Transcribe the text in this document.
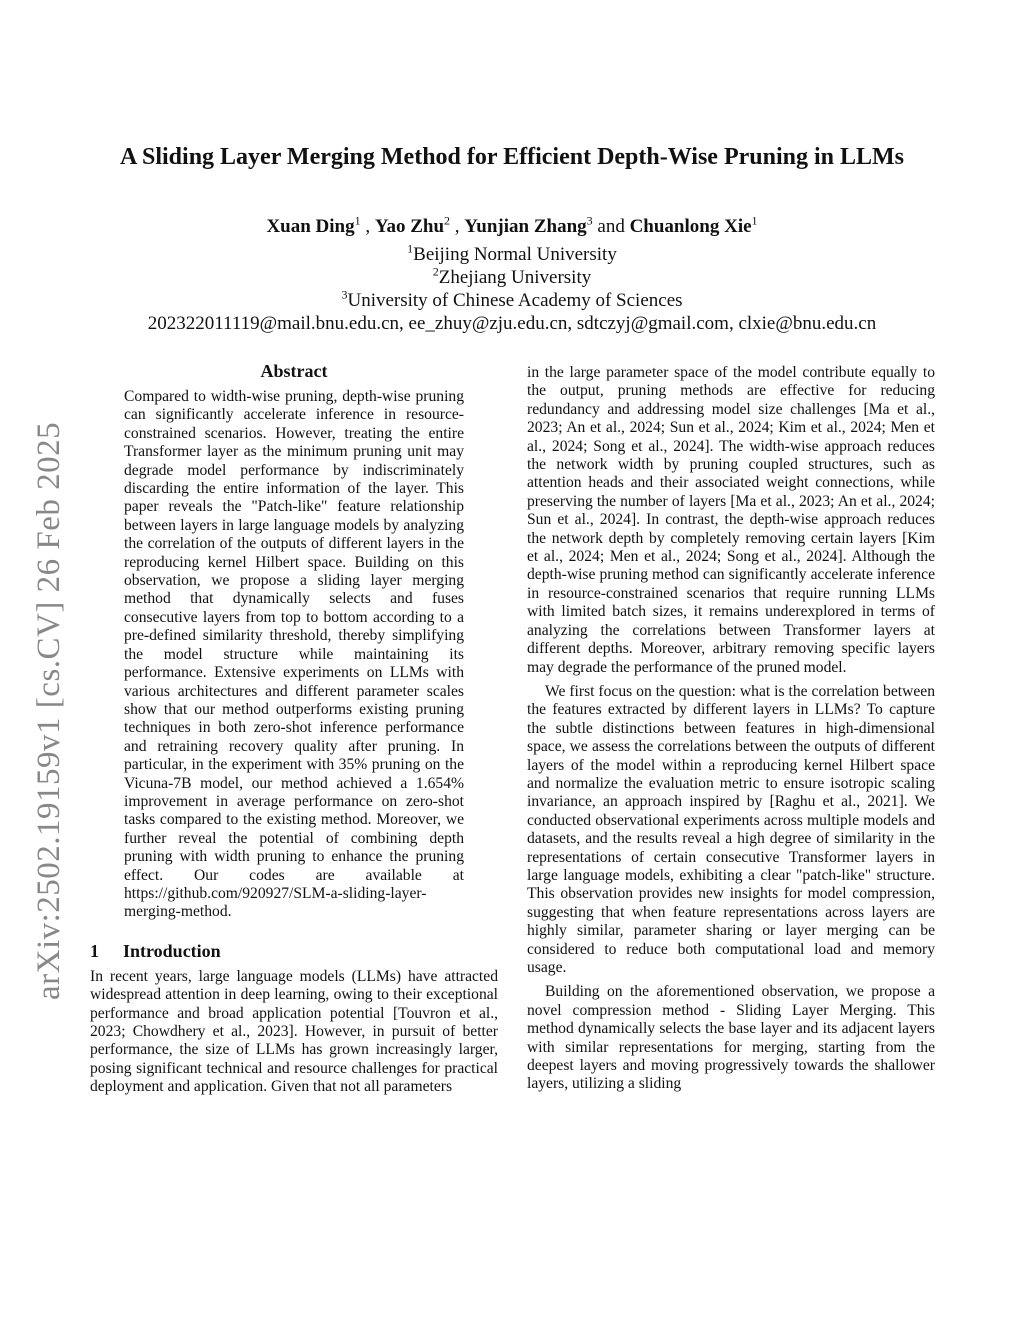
arXiv:2502.19159v1 [cs.CV] 26 Feb 2025
A Sliding Layer Merging Method for Efficient Depth-Wise Pruning in LLMs
Xuan Ding$^1$ , Yao Zhu$^2$ , Yunjian Zhang$^3$ and Chuanlong Xie$^1$
$^1$Beijing Normal University
$^2$Zhejiang University
$^3$University of Chinese Academy of Sciences
202322011119@mail.bnu.edu.cn, ee_zhuy@zju.edu.cn, sdtczyj@gmail.com, clxie@bnu.edu.cn
Abstract

Compared to width-wise pruning, depth-wise pruning can significantly accelerate inference in resource-constrained scenarios. However, treating the entire Transformer layer as the minimum pruning unit may degrade model performance by indiscriminately discarding the entire information of the layer. This paper reveals the "Patch-like" feature relationship between layers in large language models by analyzing the correlation of the outputs of different layers in the reproducing kernel Hilbert space. Building on this observation, we propose a sliding layer merging method that dynamically selects and fuses consecutive layers from top to bottom according to a pre-defined similarity threshold, thereby simplifying the model structure while maintaining its performance. Extensive experiments on LLMs with various architectures and different parameter scales show that our method outperforms existing pruning techniques in both zero-shot inference performance and retraining recovery quality after pruning. In particular, in the experiment with 35% pruning on the Vicuna-7B model, our method achieved a 1.654% improvement in average performance on zero-shot tasks compared to the existing method. Moreover, we further reveal the potential of combining depth pruning with width pruning to enhance the pruning effect. Our codes are available at https://github.com/920927/SLM-a-sliding-layer-merging-method.

1 Introduction

In recent years, large language models (LLMs) have attracted widespread attention in deep learning, owing to their exceptional performance and broad application potential [Touvron et al., 2023; Chowdhery et al., 2023]. However, in pursuit of better performance, the size of LLMs has grown increasingly larger, posing significant technical and resource challenges for practical deployment and application. Given that not all parameters

in the large parameter space of the model contribute equally to the output, pruning methods are effective for reducing redundancy and addressing model size challenges [Ma et al., 2023; An et al., 2024; Sun et al., 2024; Kim et al., 2024; Men et al., 2024; Song et al., 2024]. The width-wise approach reduces the network width by pruning coupled structures, such as attention heads and their associated weight connections, while preserving the number of layers [Ma et al., 2023; An et al., 2024; Sun et al., 2024]. In contrast, the depth-wise approach reduces the network depth by completely removing certain layers [Kim et al., 2024; Men et al., 2024; Song et al., 2024]. Although the depth-wise pruning method can significantly accelerate inference in resource-constrained scenarios that require running LLMs with limited batch sizes, it remains underexplored in terms of analyzing the correlations between Transformer layers at different depths. Moreover, arbitrary removing specific layers may degrade the performance of the pruned model.

We first focus on the question: what is the correlation between the features extracted by different layers in LLMs? To capture the subtle distinctions between features in high-dimensional space, we assess the correlations between the outputs of different layers of the model within a reproducing kernel Hilbert space and normalize the evaluation metric to ensure isotropic scaling invariance, an approach inspired by [Raghu et al., 2021]. We conducted observational experiments across multiple models and datasets, and the results reveal a high degree of similarity in the representations of certain consecutive Transformer layers in large language models, exhibiting a clear "patch-like" structure. This observation provides new insights for model compression, suggesting that when feature representations across layers are highly similar, parameter sharing or layer merging can be considered to reduce both computational load and memory usage.

Building on the aforementioned observation, we propose a novel compression method - Sliding Layer Merging. This method dynamically selects the base layer and its adjacent layers with similar representations for merging, starting from the deepest layers and moving progressively towards the shallower layers, utilizing a sliding
